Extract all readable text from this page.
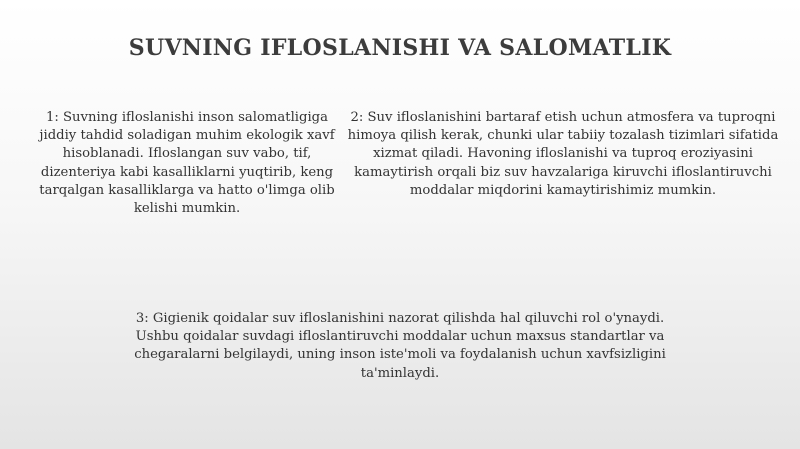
SUVNING IFLOSLANISHI VA SALOMATLIK
1: Suvning ifloslanishi inson salomatligiga jiddiy tahdid soladigan muhim ekologik xavf hisoblanadi. Ifloslangan suv vabo, tif, dizenteriya kabi kasalliklarni yuqtirib, keng tarqalgan kasalliklarga va hatto o'limga olib kelishi mumkin.
2: Suv ifloslanishini bartaraf etish uchun atmosfera va tuproqni himoya qilish kerak, chunki ular tabiiy tozalash tizimlari sifatida xizmat qiladi. Havoning ifloslanishi va tuproq eroziyasini kamaytirish orqali biz suv havzalariga kiruvchi ifloslantiruvchi moddalar miqdorini kamaytirishimiz mumkin.
3: Gigienik qoidalar suv ifloslanishini nazorat qilishda hal qiluvchi rol o'ynaydi. Ushbu qoidalar suvdagi ifloslantiruvchi moddalar uchun maxsus standartlar va chegaralarni belgilaydi, uning inson iste'moli va foydalanish uchun xavfsizligini ta'minlaydi.
